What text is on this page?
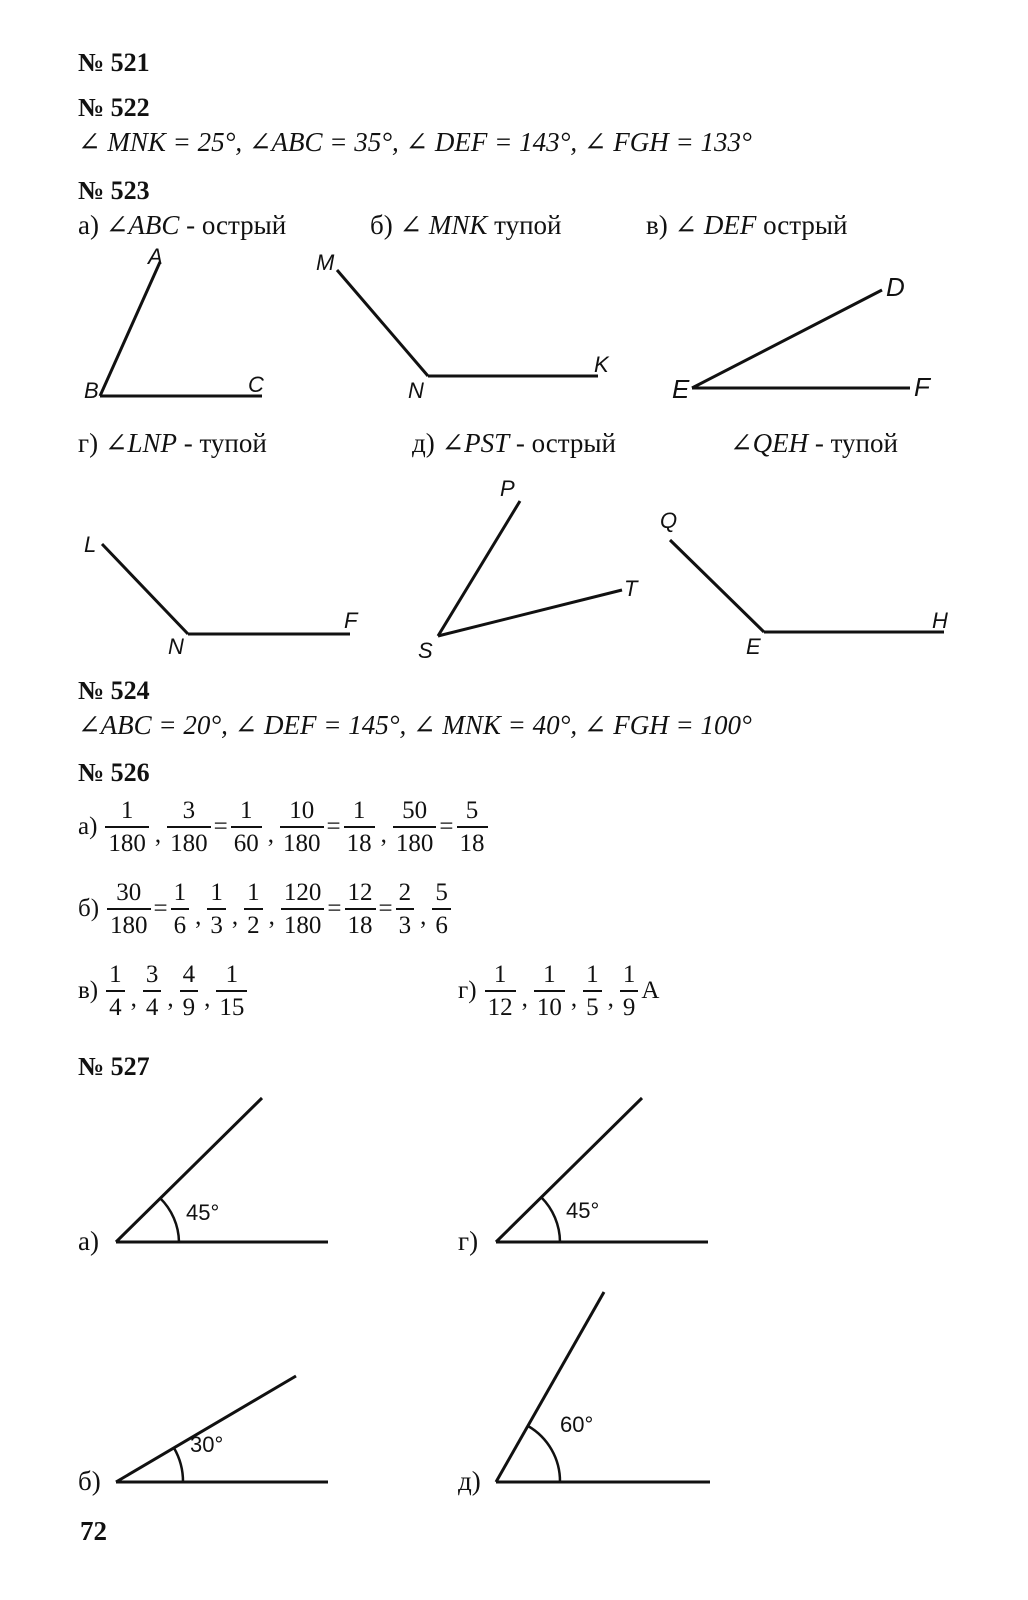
№ 521
№ 522
∠ MNK = 25°, ∠ABC = 35°, ∠ DEF = 143°, ∠ FGH = 133°
№ 523
а) ∠ABC - острый	б) ∠ MNK тупой	в) ∠ DEF острый
A
B	C
M
N
K
D
E	F
г) ∠LNP - тупой	д) ∠PST - острый	∠QEH - тупой
L
N
F
P
S
T
Q
E
H
№ 524
∠ABC = 20°, ∠ DEF = 145°, ∠ MNK = 40°, ∠ FGH = 100°
№ 526
$а) \frac{1}{180}$ , $\frac{3}{180} = \frac{1}{60}$ , $\frac{10}{180} = \frac{1}{18}$ , $\frac{50}{180} = \frac{5}{18}$
$б) \frac{30}{180} = \frac{1}{6}$ , $\frac{1}{3}$ , $\frac{1}{2}$ , $\frac{120}{180} = \frac{12}{18} = \frac{2}{3}$ , $\frac{5}{6}$
$в) \frac{1}{4}$ , $\frac{3}{4}$ , $\frac{4}{9}$ , $\frac{1}{15}$	$г) \frac{1}{12}$ , $\frac{1}{10}$ , $\frac{1}{5}$ , $\frac{1}{9}$ A
№ 527
а)
45°
г)
45°
б)
30°
д)
60°
72
